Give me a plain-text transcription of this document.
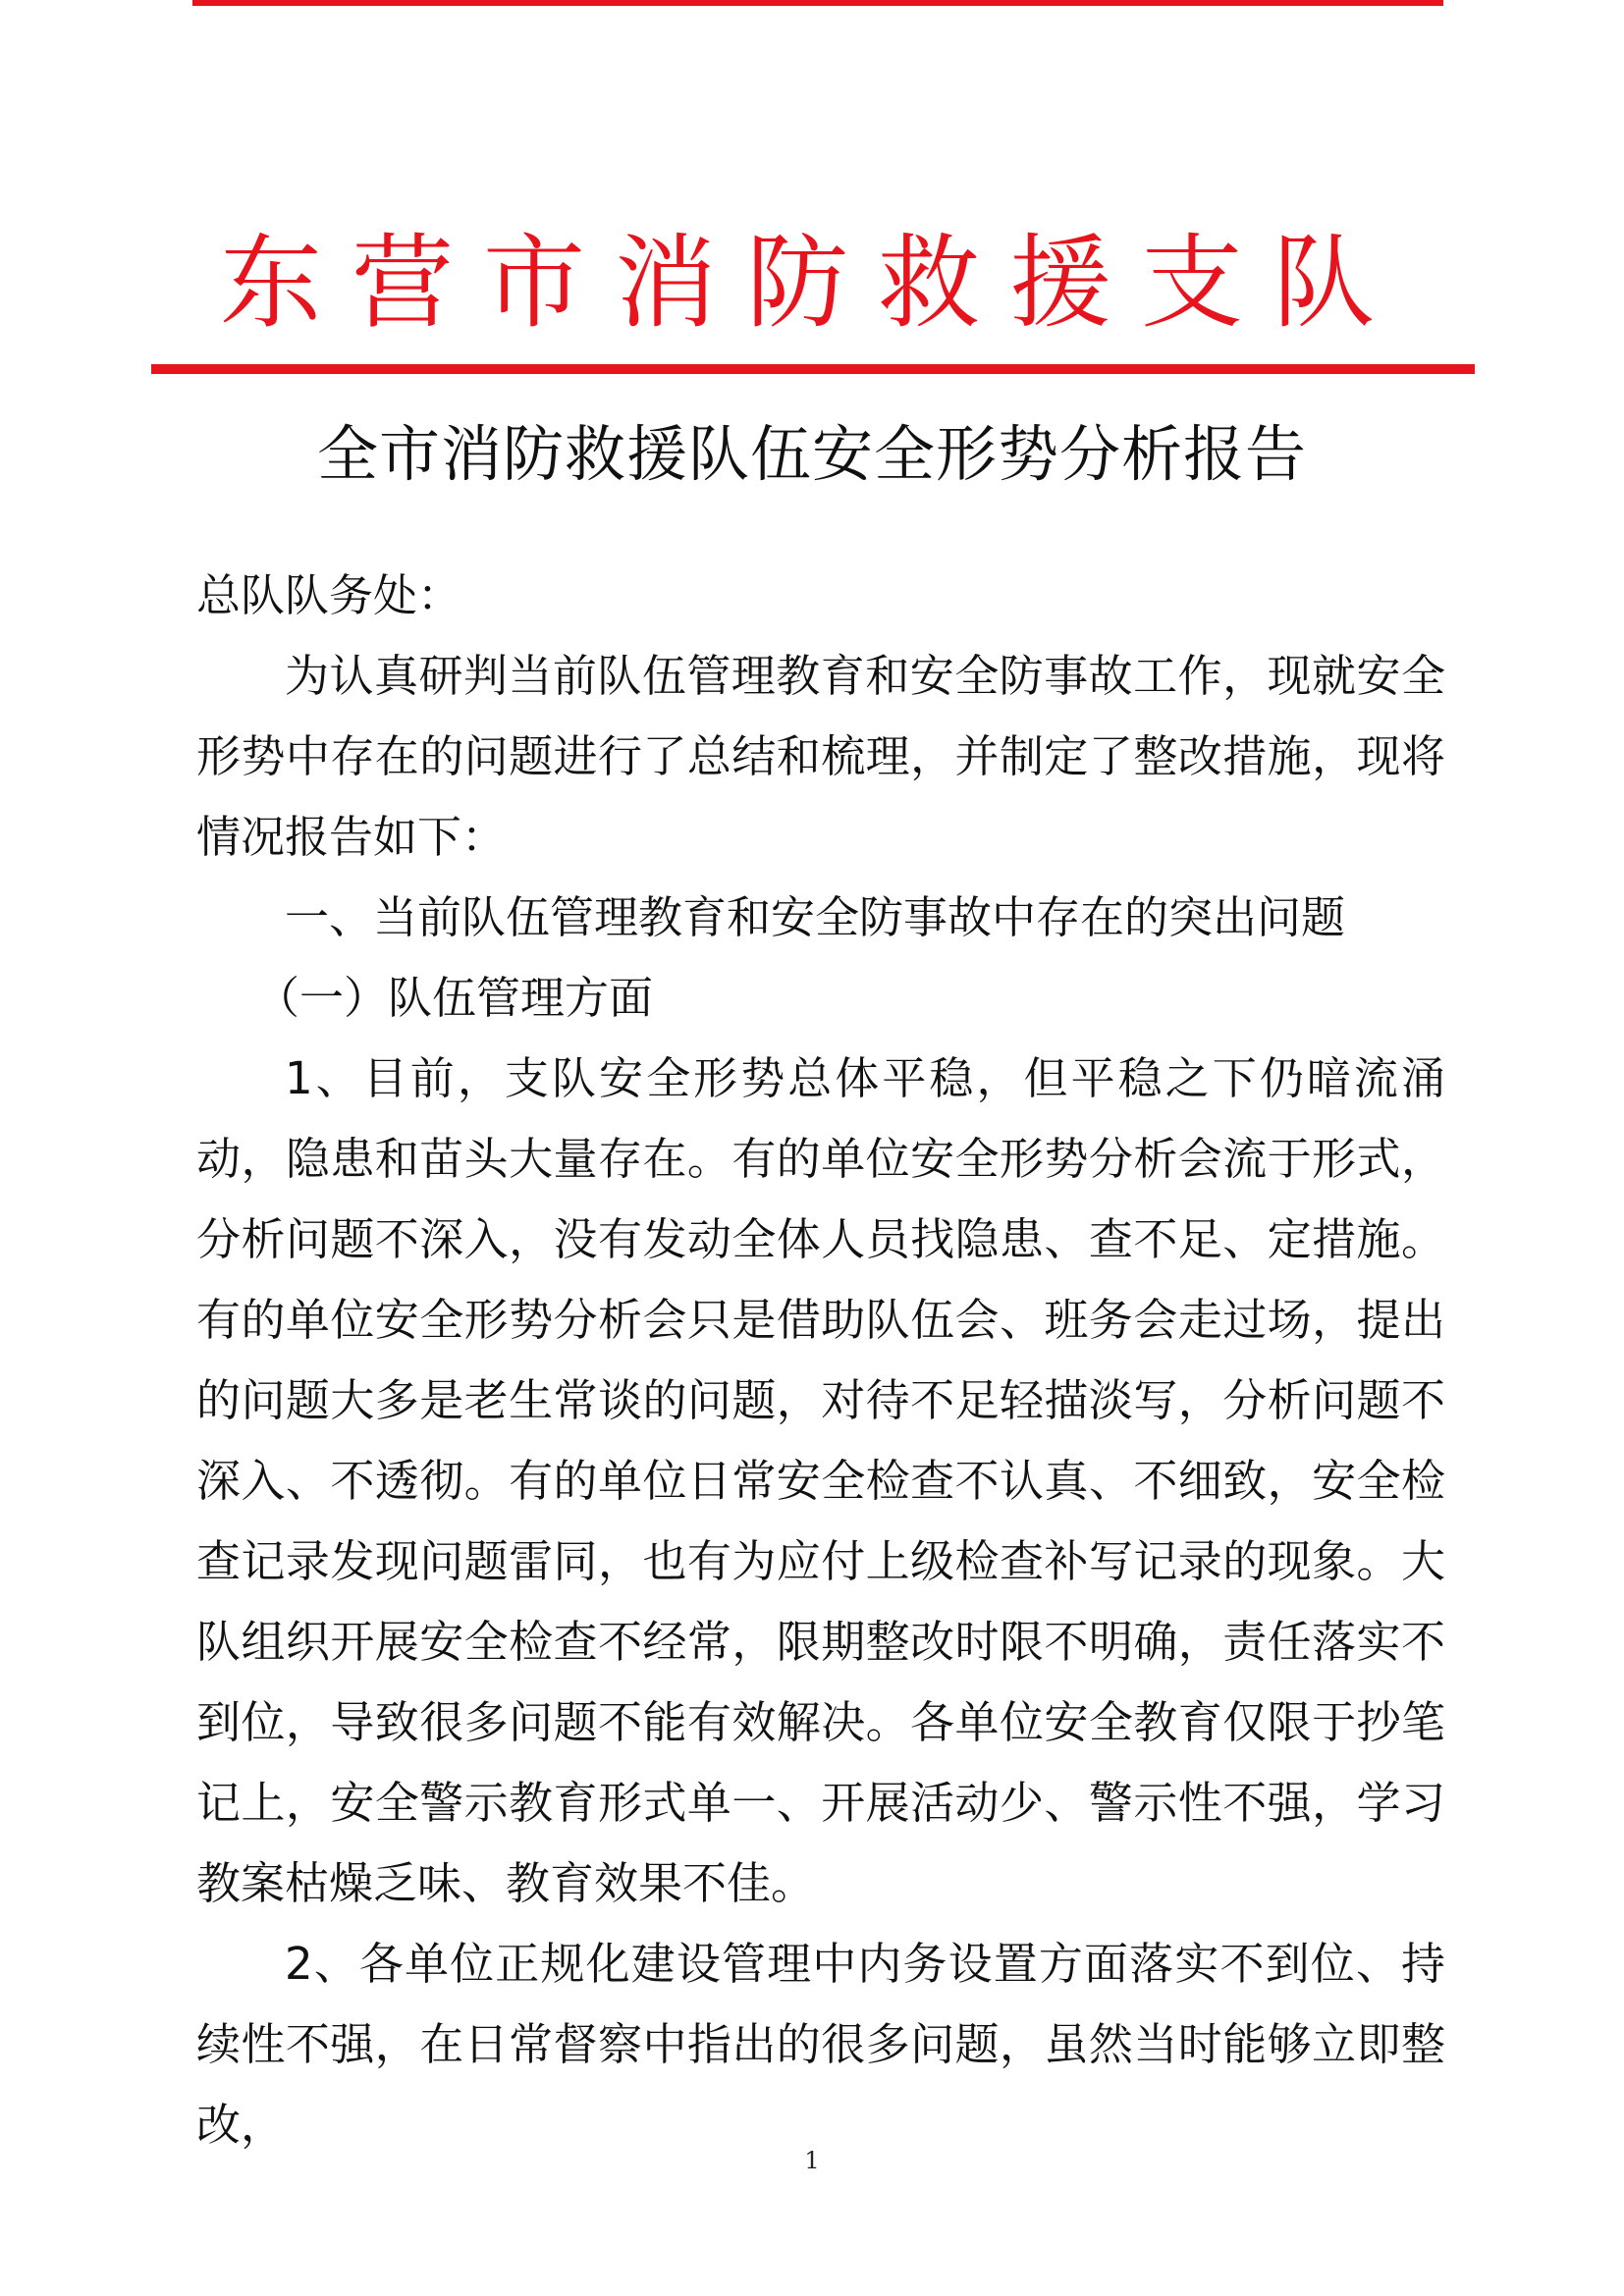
东营市消防救援支队
全市消防救援队伍安全形势分析报告

总队队务处：

为认真研判当前队伍管理教育和安全防事故工作，现就安全形势中存在的问题进行了总结和梳理，并制定了整改措施，现将情况报告如下：

一、当前队伍管理教育和安全防事故中存在的突出问题

（一）队伍管理方面

1、目前，支队安全形势总体平稳，但平稳之下仍暗流涌动，隐患和苗头大量存在。有的单位安全形势分析会流于形式，分析问题不深入，没有发动全体人员找隐患、查不足、定措施。有的单位安全形势分析会只是借助队伍会、班务会走过场，提出的问题大多是老生常谈的问题，对待不足轻描淡写，分析问题不深入、不透彻。有的单位日常安全检查不认真、不细致，安全检查记录发现问题雷同，也有为应付上级检查补写记录的现象。大队组织开展安全检查不经常，限期整改时限不明确，责任落实不到位，导致很多问题不能有效解决。各单位安全教育仅限于抄笔记上，安全警示教育形式单一、开展活动少、警示性不强，学习教案枯燥乏味、教育效果不佳。

2、各单位正规化建设管理中内务设置方面落实不到位、持续性不强，在日常督察中指出的很多问题，虽然当时能够立即整改，

1
